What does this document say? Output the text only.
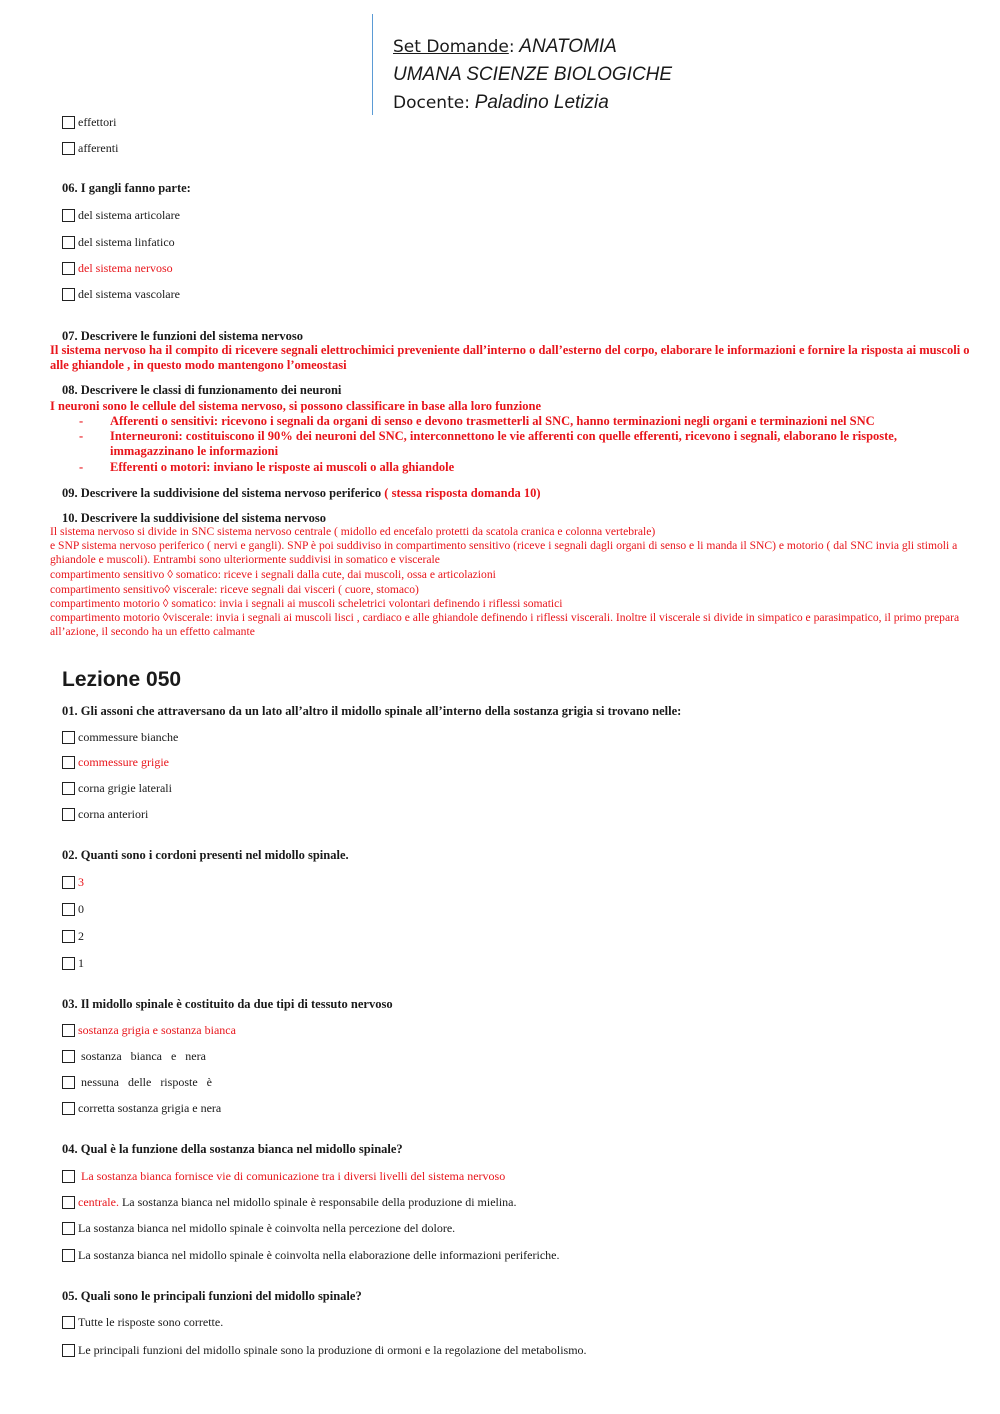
Set Domande: ANATOMIA
UMANA SCIENZE BIOLOGICHE
Docente: Paladino Letizia
effettori
afferenti
06. I gangli fanno parte:
del sistema articolare
del sistema linfatico
del sistema nervoso
del sistema vascolare
07. Descrivere le funzioni del sistema nervoso
Il sistema nervoso ha il compito di ricevere segnali elettrochimici preveniente dall’interno o dall’esterno del corpo, elaborare le informazioni e fornire la risposta ai muscoli o alle ghiandole , in questo modo mantengono l’omeostasi
08. Descrivere le classi di funzionamento dei neuroni
I neuroni sono le cellule del sistema nervoso, si possono classificare in base alla loro funzione
- Afferenti o sensitivi: ricevono i segnali da organi di senso e devono trasmetterli al SNC, hanno terminazioni negli organi e terminazioni nel SNC
- Interneuroni: costituiscono il 90% dei neuroni del SNC, interconnettono le vie afferenti con quelle efferenti, ricevono i segnali, elaborano le risposte, immagazzinano le informazioni
- Efferenti o motori: inviano le risposte ai muscoli o alla ghiandole
09. Descrivere la suddivisione del sistema nervoso periferico ( stessa risposta domanda 10)
10. Descrivere la suddivisione del sistema nervoso
Il sistema nervoso si divide in SNC sistema nervoso centrale ( midollo ed encefalo protetti da scatola cranica e colonna vertebrale)
e SNP sistema nervoso periferico ( nervi e gangli). SNP è poi suddiviso in compartimento sensitivo (riceve i segnali dagli organi di senso e li manda il SNC) e motorio ( dal SNC invia gli stimoli a ghiandole e muscoli). Entrambi sono ulteriormente suddivisi in somatico e viscerale
compartimento sensitivo ◊ somatico: riceve i segnali dalla cute, dai muscoli, ossa e articolazioni
compartimento sensitivo◊ viscerale: riceve segnali dai visceri ( cuore, stomaco)
compartimento motorio ◊ somatico: invia i segnali ai muscoli scheletrici volontari definendo i riflessi somatici
compartimento motorio ◊viscerale: invia i segnali ai muscoli lisci , cardiaco e alle ghiandole definendo i riflessi viscerali. Inoltre il viscerale si divide in simpatico e parasimpatico, il primo prepara all’azione, il secondo ha un effetto calmante
Lezione 050
01. Gli assoni che attraversano da un lato all’altro il midollo spinale all’interno della sostanza grigia si trovano nelle:
commessure bianche
commessure grigie
corna grigie laterali
corna anteriori
02. Quanti sono i cordoni presenti nel midollo spinale.
3
0
2
1
03. Il midollo spinale è costituito da due tipi di tessuto nervoso
sostanza grigia e sostanza bianca
sostanza   bianca   e   nera
nessuna   delle   risposte   è
corretta sostanza grigia e nera
04. Qual è la funzione della sostanza bianca nel midollo spinale?
La sostanza bianca fornisce vie di comunicazione tra i diversi livelli del sistema nervoso
centrale. La sostanza bianca nel midollo spinale è responsabile della produzione di mielina.
La sostanza bianca nel midollo spinale è coinvolta nella percezione del dolore.
La sostanza bianca nel midollo spinale è coinvolta nella elaborazione delle informazioni periferiche.
05. Quali sono le principali funzioni del midollo spinale?
Tutte le risposte sono corrette.
Le principali funzioni del midollo spinale sono la produzione di ormoni e la regolazione del metabolismo.
